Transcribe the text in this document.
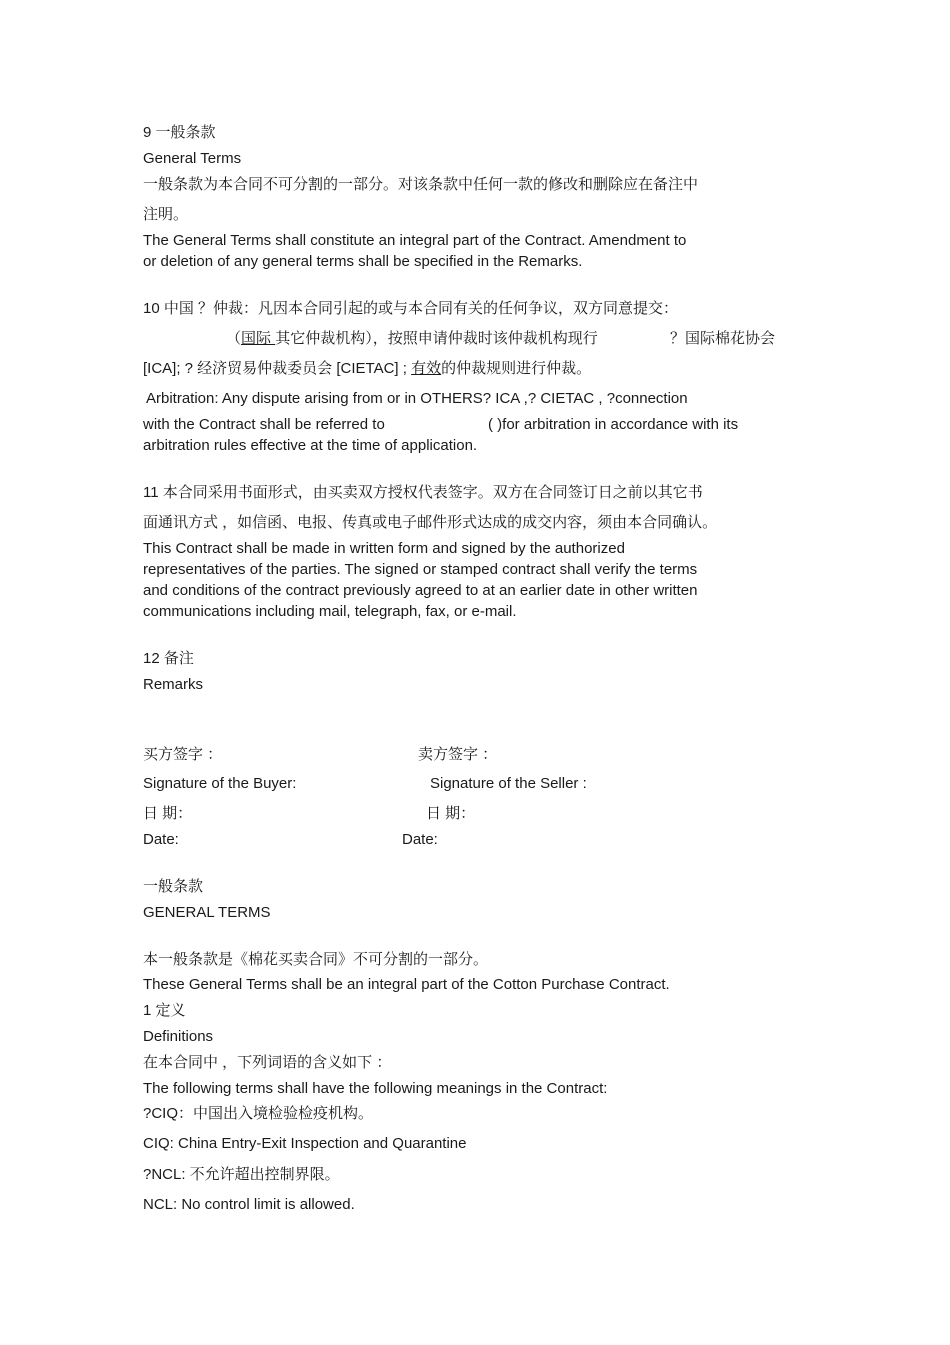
9 一般条款
General Terms
一般条款为本合同不可分割的一部分。对该条款中任何一款的修改和删除应在备注中
注明。
The General Terms shall constitute an integral part of the Contract. Amendment to
or deletion of any general terms shall be specified in the Remarks.
10 中国 ？仲裁：凡因本合同引起的或与本合同有关的任何争议，双方同意提交：
（国际 其它仲裁机构），按照申请仲裁时该仲裁机构现行	？国际棉花协会
[ICA]; ? 经济贸易仲裁委员会 [CIETAC] ; 有效的仲裁规则进行仲裁。
Arbitration: Any dispute arising from or in OTHERS? ICA ,? CIETAC , ?connection
with the Contract shall be referred to	( )for arbitration in accordance with its
arbitration rules effective at the time of application.
11 本合同采用书面形式，由买卖双方授权代表签字。双方在合同签订日之前以其它书
面通讯方式 ，如信函、电报、传真或电子邮件形式达成的成交内容，须由本合同确认。
This Contract shall be made in written form and signed by the authorized
representatives of the parties. The signed or stamped contract shall verify the terms
and conditions of the contract previously agreed to at an earlier date in other written
communications including mail, telegraph, fax, or e-mail.
12 备注
Remarks
买方签字 ：	卖方签字 ：
Signature of the Buyer:	Signature of the Seller :
日 期：	日 期：
Date:	Date:
一般条款
GENERAL TERMS
本一般条款是《棉花买卖合同》不可分割的一部分。
These General Terms shall be an integral part of the Cotton Purchase Contract.
1 定义
Definitions
在本合同中 ，下列词语的含义如下 ：
The following terms shall have the following meanings in the Contract:
?CIQ：中国出入境检验检疫机构。
CIQ: China Entry-Exit Inspection and Quarantine
?NCL: 不允许超出控制界限。
NCL: No control limit is allowed.
